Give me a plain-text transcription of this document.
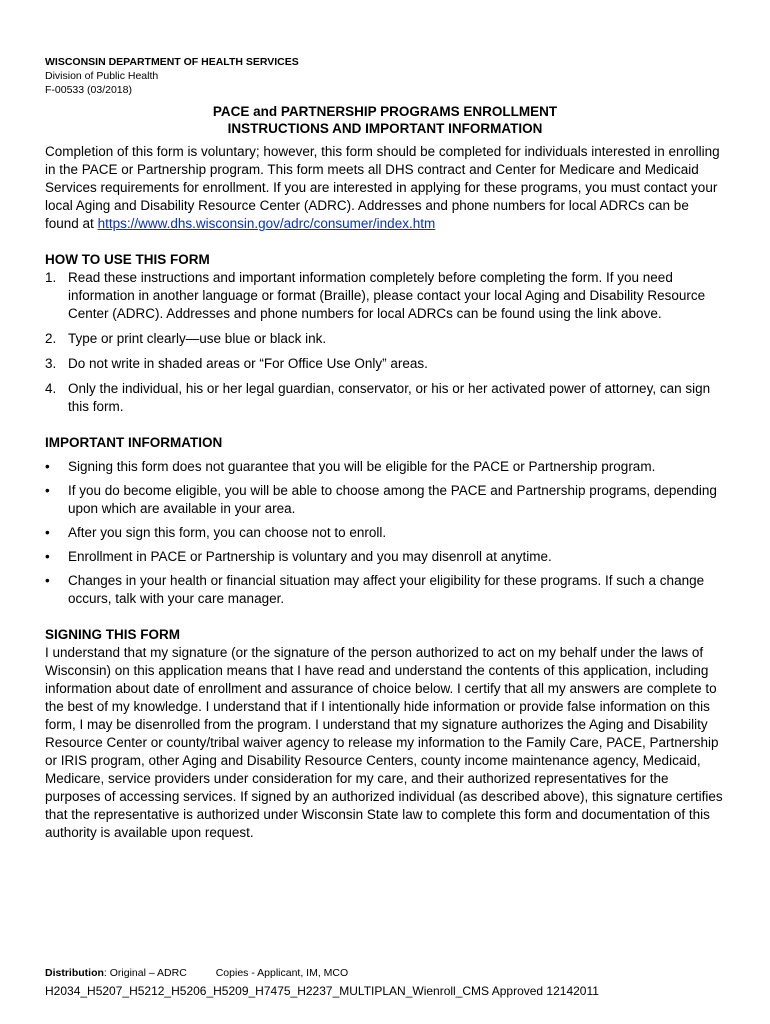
WISCONSIN DEPARTMENT OF HEALTH SERVICES
Division of Public Health
F-00533 (03/2018)
PACE and PARTNERSHIP PROGRAMS ENROLLMENT
INSTRUCTIONS AND IMPORTANT INFORMATION
Completion of this form is voluntary; however, this form should be completed for individuals interested in enrolling in the PACE or Partnership program. This form meets all DHS contract and Center for Medicare and Medicaid Services requirements for enrollment. If you are interested in applying for these programs, you must contact your local Aging and Disability Resource Center (ADRC). Addresses and phone numbers for local ADRCs can be found at https://www.dhs.wisconsin.gov/adrc/consumer/index.htm
HOW TO USE THIS FORM
1. Read these instructions and important information completely before completing the form. If you need information in another language or format (Braille), please contact your local Aging and Disability Resource Center (ADRC). Addresses and phone numbers for local ADRCs can be found using the link above.
2. Type or print clearly—use blue or black ink.
3. Do not write in shaded areas or “For Office Use Only” areas.
4. Only the individual, his or her legal guardian, conservator, or his or her activated power of attorney, can sign this form.
IMPORTANT INFORMATION
• Signing this form does not guarantee that you will be eligible for the PACE or Partnership program.
• If you do become eligible, you will be able to choose among the PACE and Partnership programs, depending upon which are available in your area.
• After you sign this form, you can choose not to enroll.
• Enrollment in PACE or Partnership is voluntary and you may disenroll at anytime.
• Changes in your health or financial situation may affect your eligibility for these programs. If such a change occurs, talk with your care manager.
SIGNING THIS FORM
I understand that my signature (or the signature of the person authorized to act on my behalf under the laws of Wisconsin) on this application means that I have read and understand the contents of this application, including information about date of enrollment and assurance of choice below. I certify that all my answers are complete to the best of my knowledge. I understand that if I intentionally hide information or provide false information on this form, I may be disenrolled from the program. I understand that my signature authorizes the Aging and Disability Resource Center or county/tribal waiver agency to release my information to the Family Care, PACE, Partnership or IRIS program, other Aging and Disability Resource Centers, county income maintenance agency, Medicaid, Medicare, service providers under consideration for my care, and their authorized representatives for the purposes of accessing services. If signed by an authorized individual (as described above), this signature certifies that the representative is authorized under Wisconsin State law to complete this form and documentation of this authority is available upon request.
Distribution: Original – ADRC	Copies - Applicant, IM, MCO
H2034_H5207_H5212_H5206_H5209_H7475_H2237_MULTIPLAN_Wienroll_CMS Approved 12142011
